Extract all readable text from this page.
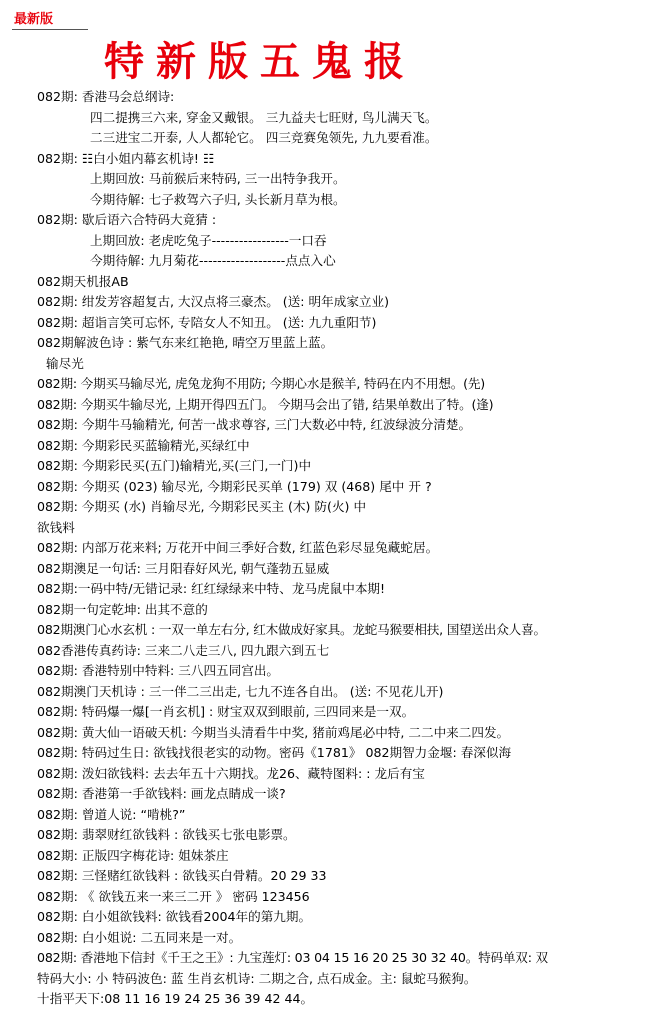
最新版
特新版五鬼报
082期: 香港马会总纲诗:
四二提携三六来, 穿金又戴银。 三九益夫七旺财, 鸟儿满天飞。
二三进宝二开泰, 人人都轮它。 四三竞赛兔领先, 九九要看准。
082期: ☷白小姐内幕玄机诗! ☷
上期回放: 马前猴后来特码, 三一出特争我开。
今期待解: 七子救驾六子归, 头长新月草为根。
082期: 歇后语六合特码大竟猜 :
上期回放: 老虎吃兔子-----------------一口吞
今期待解: 九月菊花-------------------点点入心
082期天机报AB
082期: 绀发芳容超复古, 大汉点将三豪杰。 (送: 明年成家立业)
082期: 超诣言笑可忘怀, 专陪女人不知丑。 (送: 九九重阳节)
082期解波色诗 : 紫气东来红艳艳, 晴空万里蓝上蓝。
输尽光
082期: 今期买马输尽光, 虎兔龙狗不用防; 今期心水是猴羊, 特码在内不用想。(先)
082期: 今期买牛输尽光, 上期开得四五门。 今期马会出了错, 结果单数出了特。(逢)
082期: 今期牛马输精光, 何苦一战求尊容, 三门大数必中特, 红波绿波分清楚。
082期: 今期彩民买蓝输精光,买绿红中
082期: 今期彩民买(五门)输精光,买(三门,一门)中
082期: 今期买 (023) 输尽光, 今期彩民买单 (179) 双 (468) 尾中 开 ?
082期: 今期买 (水) 肖输尽光, 今期彩民买主 (木) 防(火) 中
欲钱料
082期: 内部万花来料; 万花开中间三季好合数, 红蓝色彩尽显兔藏蛇居。
082期澳足一句话: 三月阳春好风光, 朝气蓬勃五显威
082期:一码中特/无错记录: 红红绿绿来中特、龙马虎鼠中本期!
082期一句定乾坤: 出其不意的
082期澳门心水玄机 : 一双一单左右分, 红木做成好家具。龙蛇马猴要相扶, 国望送出众人喜。
082香港传真药诗: 三来二八走三八, 四九跟六到五七
082期: 香港特别中特料: 三八四五同宫出。
082期澳门天机诗 : 三一伴二三出走, 七九不连各自出。 (送: 不见花儿开)
082期: 特码爆一爆[一肖玄机] : 财宝双双到眼前, 三四同来是一双。
082期: 黄大仙一语破天机: 今期当头清看牛中奖, 猪前鸡尾必中特, 二二中来二四发。
082期: 特码过生日: 欲钱找很老实的动物。密码《1781》 082期智力金堰: 春深似海
082期: 泼妇欲钱料: 去去年五十六期找。龙26、藏特图料: : 龙后有宝
082期: 香港第一手欲钱料: 画龙点睛成一谈?
082期: 曾道人说: “啃桃?”
082期: 翡翠财红欲钱料 : 欲钱买七张电影票。
082期: 正版四字梅花诗: 姐妹茶庄
082期: 三怪赌红欲钱料 : 欲钱买白骨精。20 29 33
082期: 《 欲钱五来一来三二开 》 密码 123456
082期: 白小姐欲钱料: 欲钱看2004年的第九期。
082期: 白小姐说: 二五同来是一对。
082期: 香港地下信封《千王之王》: 九宝莲灯: 03 04 15 16 20 25 30 32 40。特码单双: 双
特码大小: 小 特码波色: 蓝 生肖玄机诗: 二期之合, 点石成金。主: 鼠蛇马猴狗。
十指平天下:08 11 16 19 24 25 36 39 42 44。
